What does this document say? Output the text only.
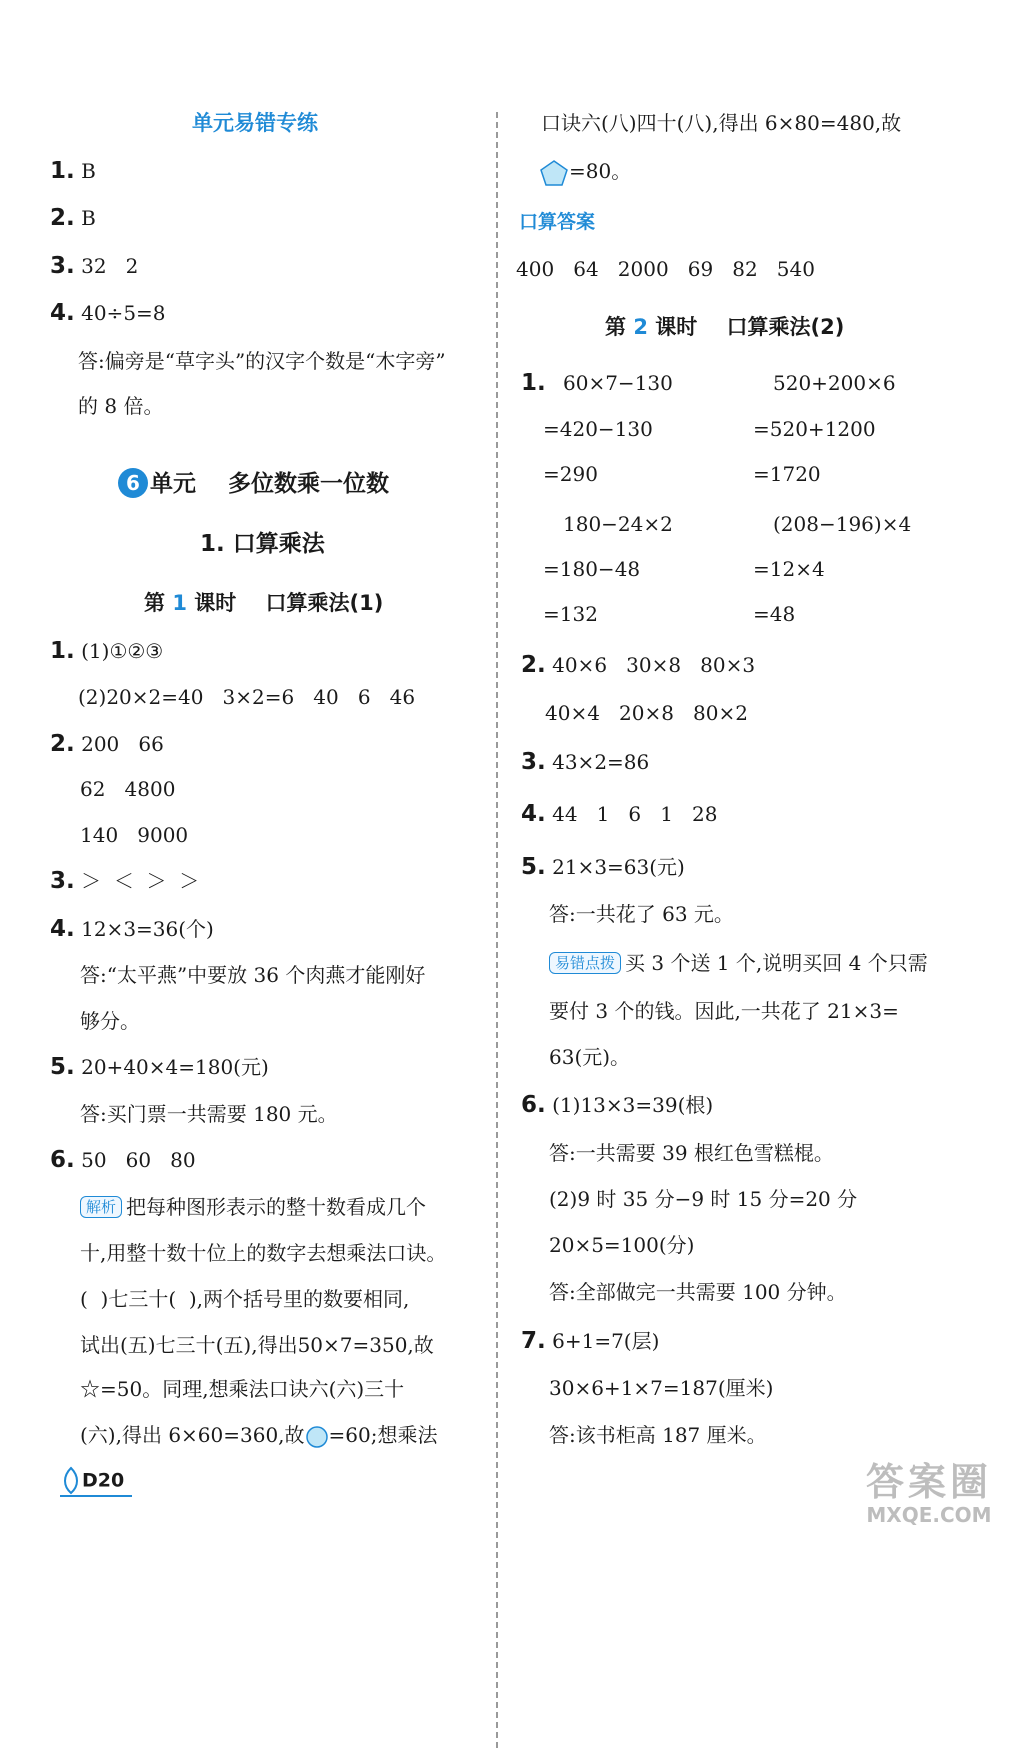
单元易错专练
1. B
2. B
3. 32   2
4. 40÷5=8
答:偏旁是“草字头”的汉字个数是“木字旁”
的 8 倍。
6 单元    多位数乘一位数
1. 口算乘法
第 1 课时    口算乘法(1)
1. (1)①②③
(2)20×2=40   3×2=6   40   6   46
2. 200   66
62   4800
140   9000
3. ＞  ＜  ＞  ＞
4. 12×3=36(个)
答:“太平燕”中要放 36 个肉燕才能刚好
够分。
5. 20+40×4=180(元)
答:买门票一共需要 180 元。
6. 50   60   80
解析 把每种图形表示的整十数看成几个
十,用整十数十位上的数字去想乘法口诀。
(  )七三十(  ),两个括号里的数要相同,
试出(五)七三十(五),得出50×7=350,故
☆=50。同理,想乘法口诀六(六)三十
(六),得出 6×60=360,故 =60;想乘法
D20
口诀六(八)四十(八),得出 6×80=480,故
=80。
口算答案
400   64   2000   69   82   540
第 2 课时    口算乘法(2)
1. 60×7−130
=420−130
=290
520+200×6
=520+1200
=1720
180−24×2
=180−48
=132
(208−196)×4
=12×4
=48
2. 40×6   30×8   80×3
40×4   20×8   80×2
3. 43×2=86
4. 44   1   6   1   28
5. 21×3=63(元)
答:一共花了 63 元。
易错点拨 买 3 个送 1 个,说明买回 4 个只需
要付 3 个的钱。因此,一共花了 21×3=
63(元)。
6. (1)13×3=39(根)
答:一共需要 39 根红色雪糕棍。
(2)9 时 35 分−9 时 15 分=20 分
20×5=100(分)
答:全部做完一共需要 100 分钟。
7. 6+1=7(层)
30×6+1×7=187(厘米)
答:该书柜高 187 厘米。
答案圈
MXQE.COM
